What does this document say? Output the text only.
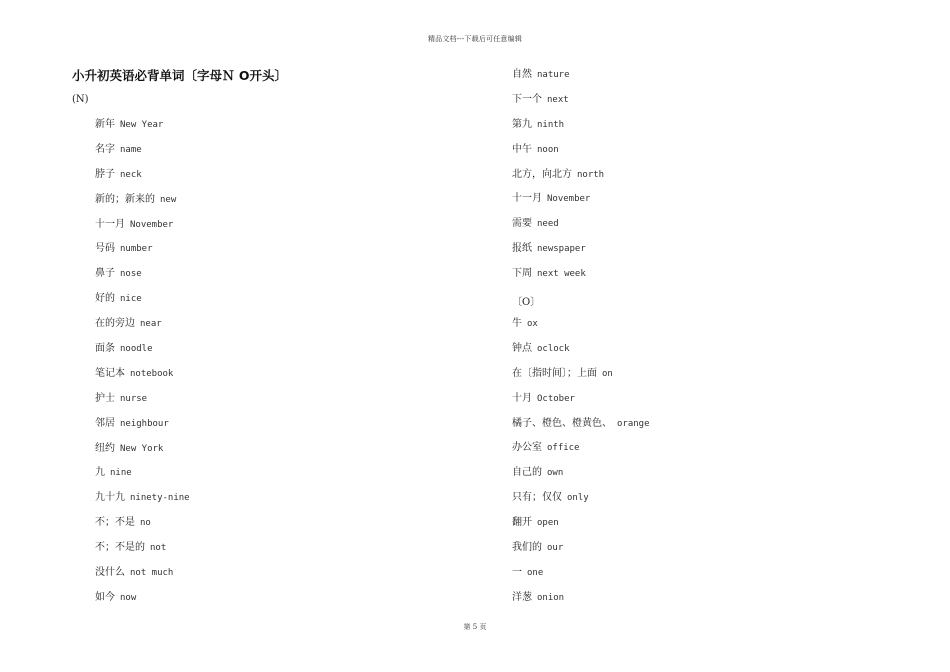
精品文档---下载后可任意编辑
小升初英语必背单词〔字母Ｎ O开头〕
(N)
新年 New Year
名字 name
脖子 neck
新的；新来的 new
十一月 November
号码 number
鼻子 nose
好的 nice
在的旁边 near
面条 noodle
笔记本 notebook
护士 nurse
邻居 neighbour
纽约 New York
九 nine
九十九 ninety-nine
不；不是 no
不；不是的 not
没什么 not much
如今 now
自然 nature
下一个 next
第九 ninth
中午 noon
北方，向北方 north
十一月 November
需要 need
报纸 newspaper
下周 next week
〔O〕
牛 ox
钟点 oclock
在〔指时间〕；上面 on
十月 October
橘子、橙色、橙黄色、 orange
办公室 office
自己的 own
只有；仅仅 only
翻开 open
我们的 our
一 one
洋葱 onion
第 5 页
